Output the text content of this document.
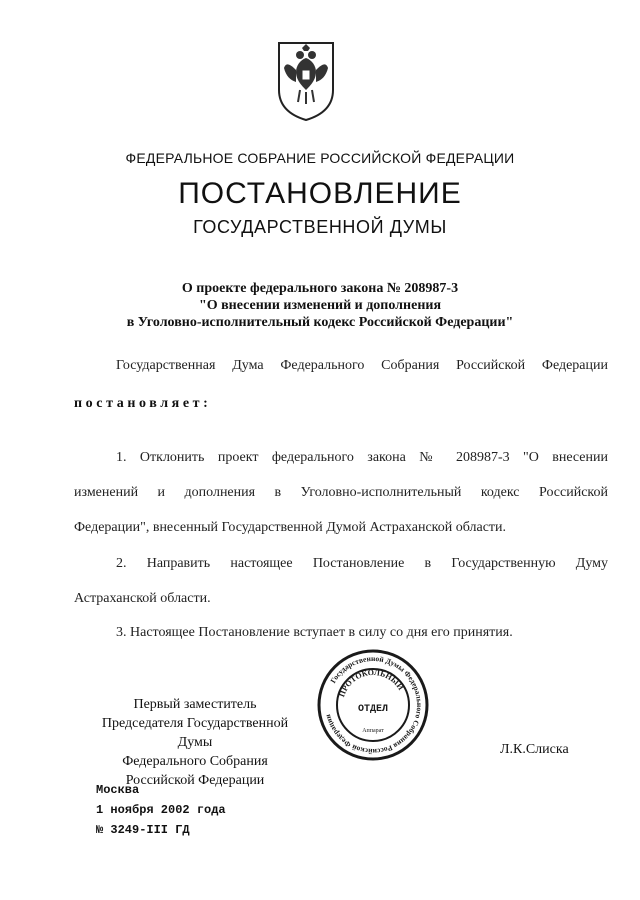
ФЕДЕРАЛЬНОЕ СОБРАНИЕ РОССИЙСКОЙ ФЕДЕРАЦИИ
ПОСТАНОВЛЕНИЕ
ГОСУДАРСТВЕННОЙ ДУМЫ
О проекте федерального закона № 208987-3
"О внесении изменений и дополнения
в Уголовно-исполнительный кодекс Российской Федерации"
Государственная Дума Федерального Собрания Российской Федерации
постановляет:
1. Отклонить проект федерального закона № 208987-3 "О внесении
изменений и дополнения в Уголовно-исполнительный кодекс Российской
Федерации", внесенный Государственной Думой Астраханской области.
2. Направить настоящее Постановление в Государственную Думу
Астраханской области.
3. Настоящее Постановление вступает в силу со дня его принятия.
Первый заместитель
Председателя Государственной Думы
Федерального Собрания
Российской Федерации
Государственной Думы Федерального Собрания Российской Федерации
ПРОТОКОЛЬНЫЙ
ОТДЕЛ
Аппарат
Л.К.Слиска
Москва
1 ноября 2002 года
№ 3249-III ГД
